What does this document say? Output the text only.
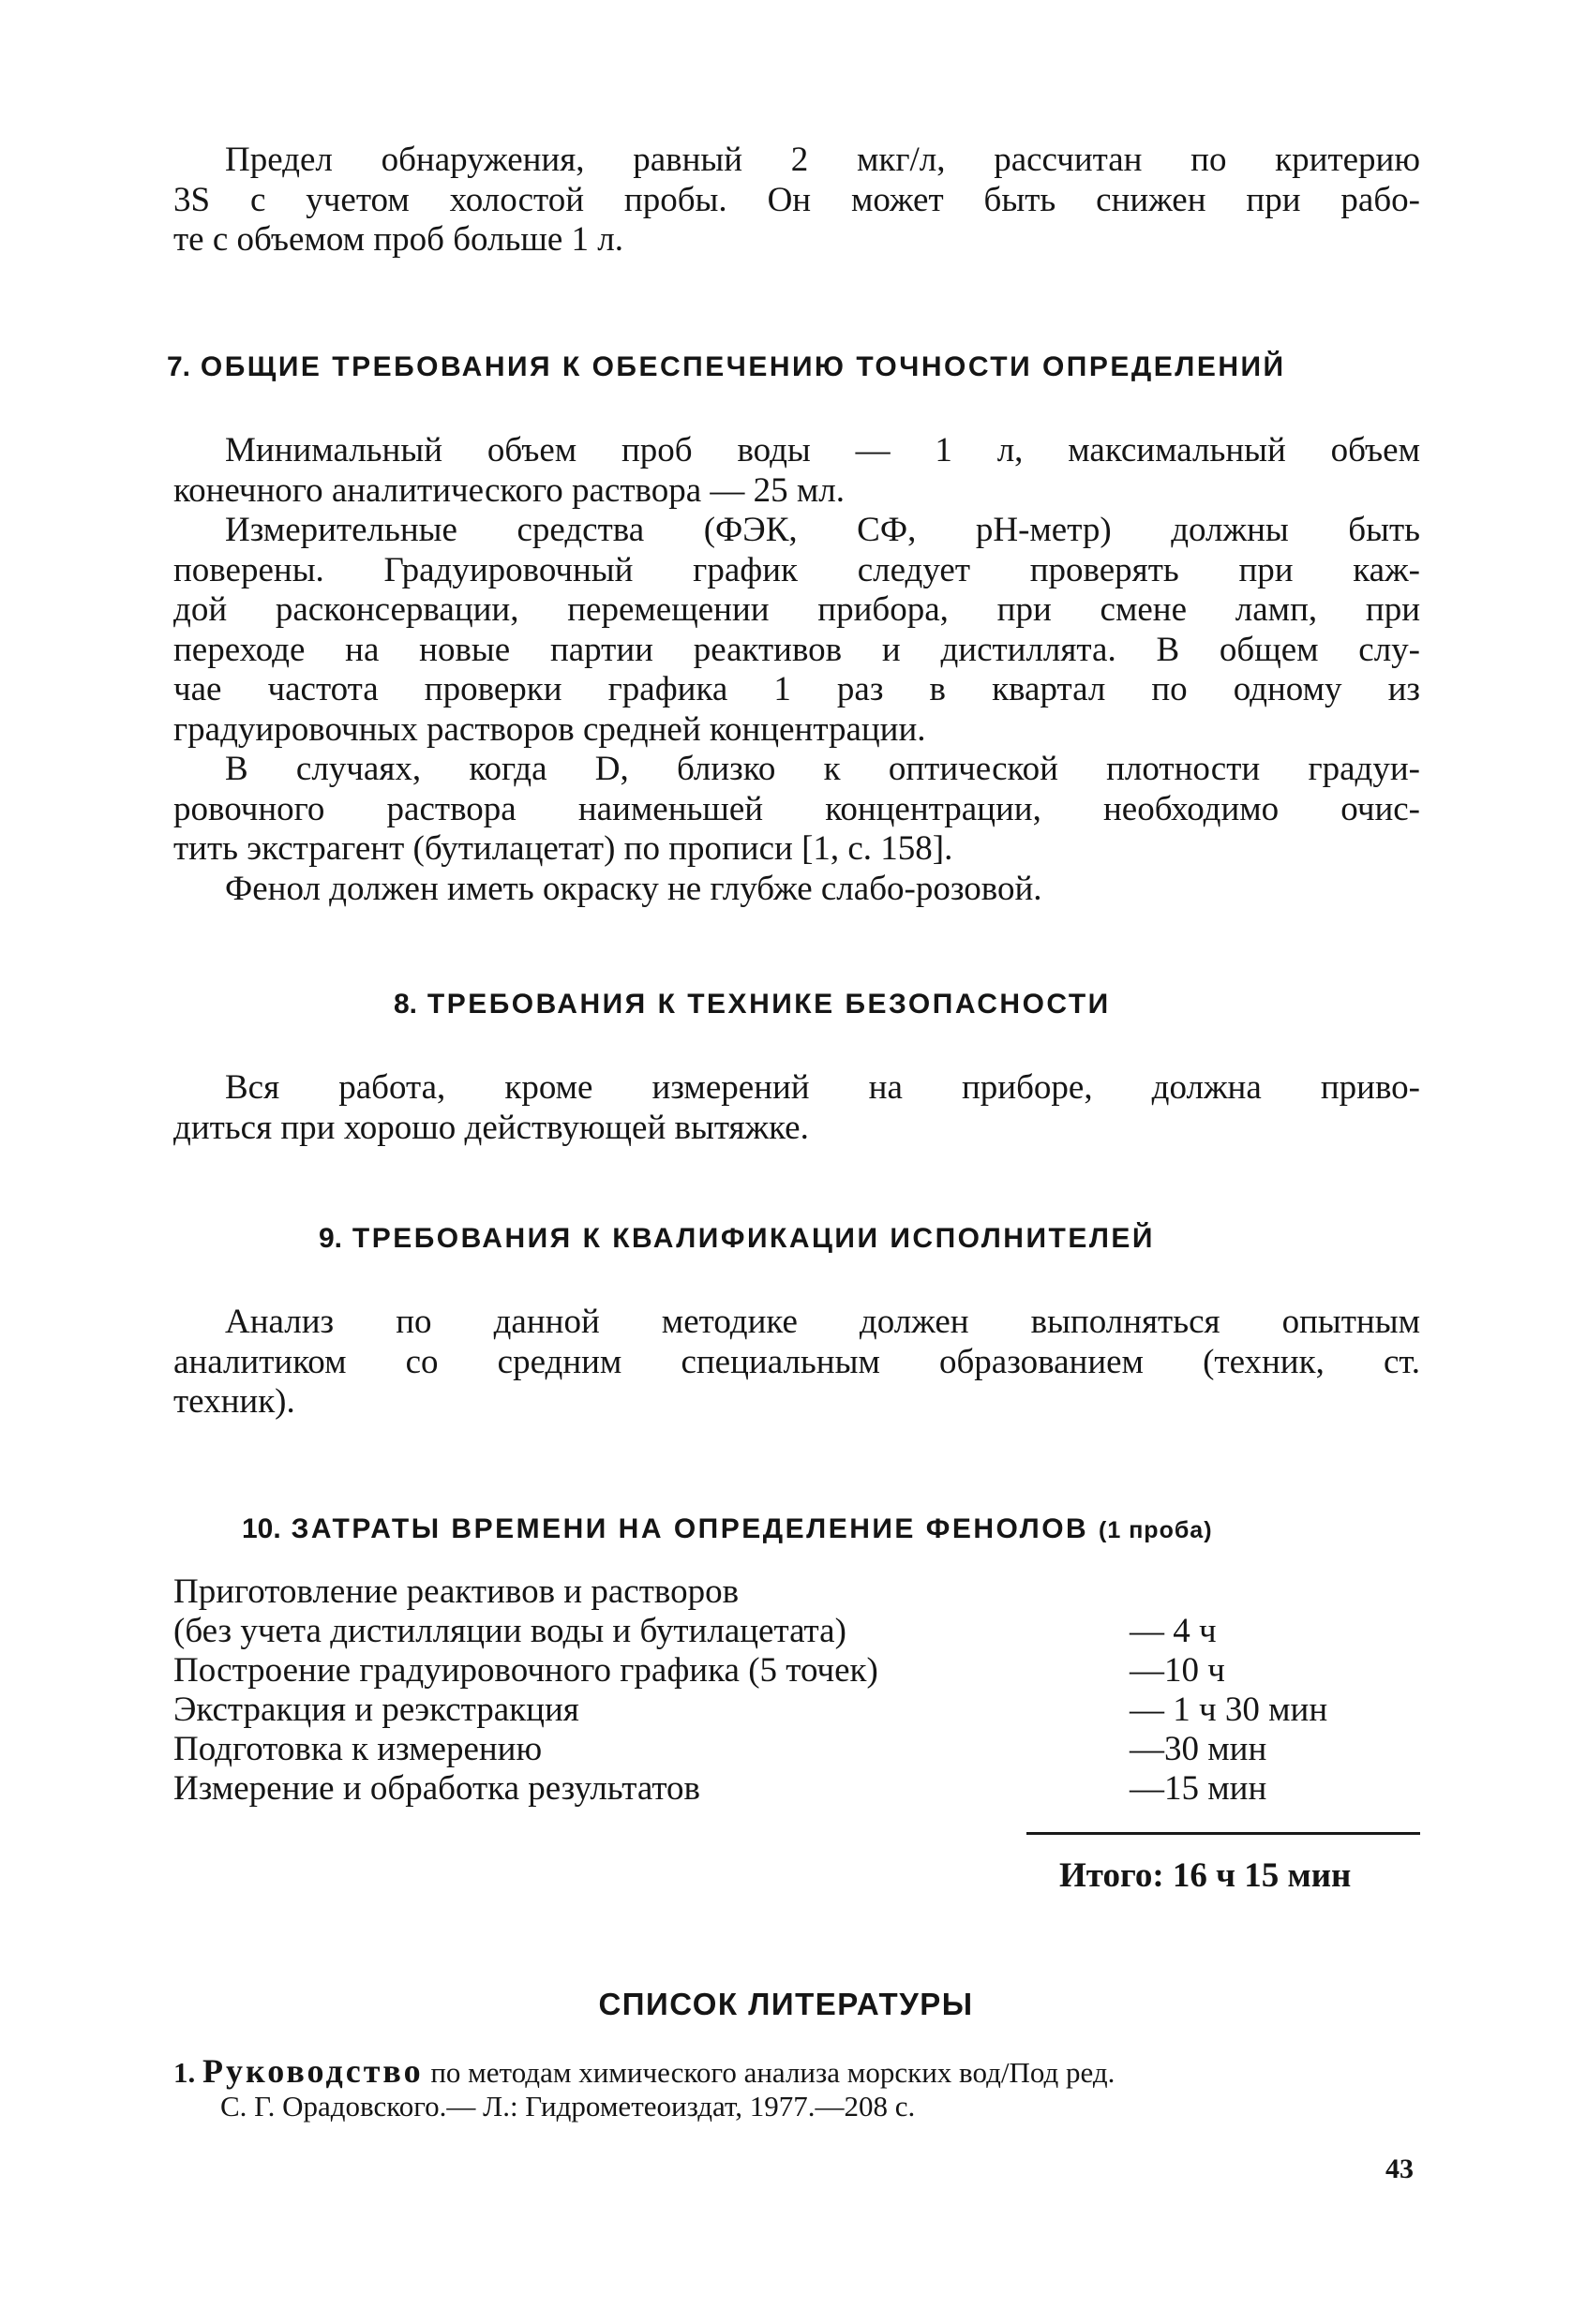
Предел обнаружения, равный 2 мкг/л, рассчитан по критерию
3S с учетом холостой пробы. Он может быть снижен при рабо-
те с объемом проб больше 1 л.

7. ОБЩИЕ ТРЕБОВАНИЯ К ОБЕСПЕЧЕНИЮ ТОЧНОСТИ ОПРЕДЕЛЕНИЙ

Минимальный объем проб воды — 1 л, максимальный объем
конечного аналитического раствора — 25 мл.

Измерительные средства (ФЭК, СФ, pH-метр) должны быть
поверены. Градуировочный график следует проверять при каж-
дой расконсервации, перемещении прибора, при смене ламп, при
переходе на новые партии реактивов и дистиллята. В общем слу-
чае частота проверки графика 1 раз в квартал по одному из
градуировочных растворов средней концентрации.

В случаях, когда D, близко к оптической плотности градуи-
ровочного раствора наименьшей концентрации, необходимо очис-
тить экстрагент (бутилацетат) по прописи [1, с. 158].

Фенол должен иметь окраску не глубже слабо-розовой.

8. ТРЕБОВАНИЯ К ТЕХНИКЕ БЕЗОПАСНОСТИ

Вся работа, кроме измерений на приборе, должна приво-
диться при хорошо действующей вытяжке.

9. ТРЕБОВАНИЯ К КВАЛИФИКАЦИИ ИСПОЛНИТЕЛЕЙ

Анализ по данной методике должен выполняться опытным
аналитиком со средним специальным образованием (техник, ст.
техник).

10. ЗАТРАТЫ ВРЕМЕНИ НА ОПРЕДЕЛЕНИЕ ФЕНОЛОВ (1 проба)
Приготовление реактивов и растворов
(без учета дистилляции воды и бутилацетата)	— 4 ч
Построение градуировочного графика (5 точек)	—10 ч
Экстракция и реэкстракция	— 1 ч 30 мин
Подготовка к измерению	—30 мин
Измерение и обработка результатов	—15 мин
Итого: 16 ч 15 мин
СПИСОК ЛИТЕРАТУРЫ

1. Руководство по методам химического анализа морских вод/Под ред.
С. Г. Орадовского.— Л.: Гидрометеоиздат, 1977.—208 с.

43
